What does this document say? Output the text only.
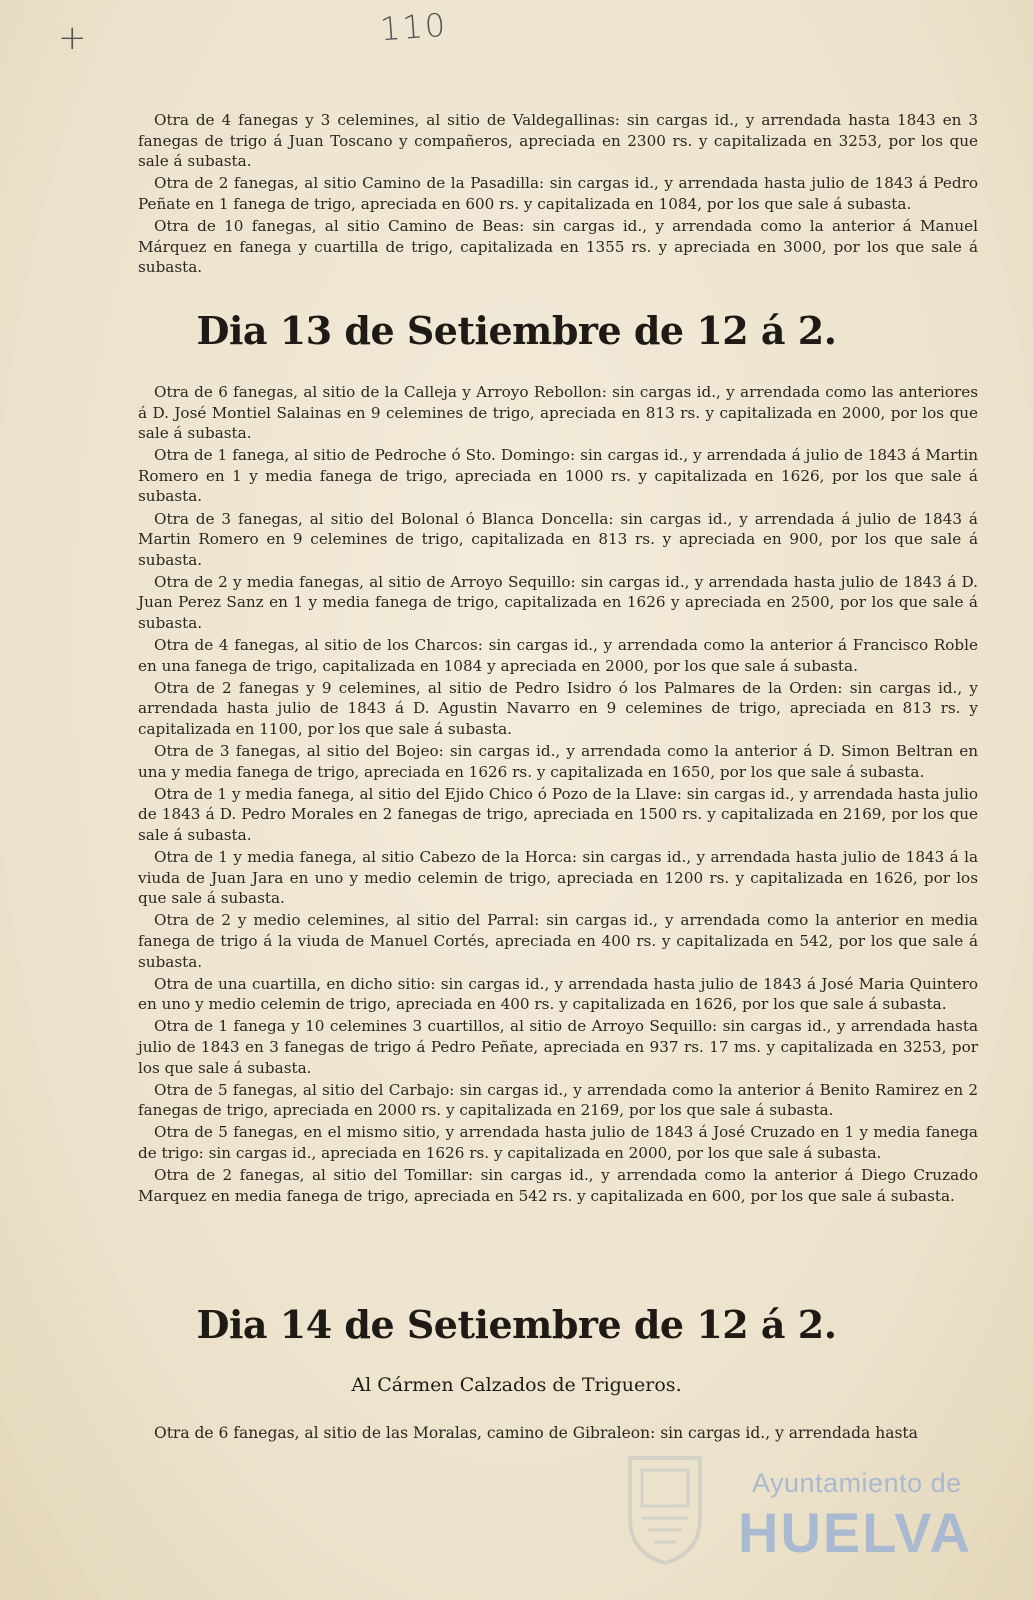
+	110

Otra de 4 fanegas y 3 celemines, al sitio de Valdegallinas: sin cargas id., y arrendada hasta 1843 en 3 fanegas de trigo á Juan Toscano y compañeros, apreciada en 2300 rs. y capitalizada en 3253, por los que sale á subasta.

Otra de 2 fanegas, al sitio Camino de la Pasadilla: sin cargas id., y arrendada hasta julio de 1843 á Pedro Peñate en 1 fanega de trigo, apreciada en 600 rs. y capitalizada en 1084, por los que sale á subasta.

Otra de 10 fanegas, al sitio Camino de Beas: sin cargas id., y arrendada como la anterior á Manuel Márquez en fanega y cuartilla de trigo, capitalizada en 1355 rs. y apreciada en 3000, por los que sale á subasta.

Dia 13 de Setiembre de 12 á 2.

Otra de 6 fanegas, al sitio de la Calleja y Arroyo Rebollon: sin cargas id., y arrendada como las anteriores á D. José Montiel Salainas en 9 celemines de trigo, apreciada en 813 rs. y capitalizada en 2000, por los que sale á subasta.

Otra de 1 fanega, al sitio de Pedroche ó Sto. Domingo: sin cargas id., y arrendada á julio de 1843 á Martin Romero en 1 y media fanega de trigo, apreciada en 1000 rs. y capitalizada en 1626, por los que sale á subasta.

Otra de 3 fanegas, al sitio del Bolonal ó Blanca Doncella: sin cargas id., y arrendada á julio de 1843 á Martin Romero en 9 celemines de trigo, capitalizada en 813 rs. y apreciada en 900, por los que sale á subasta.

Otra de 2 y media fanegas, al sitio de Arroyo Sequillo: sin cargas id., y arrendada hasta julio de 1843 á D. Juan Perez Sanz en 1 y media fanega de trigo, capitalizada en 1626 y apreciada en 2500, por los que sale á subasta.

Otra de 4 fanegas, al sitio de los Charcos: sin cargas id., y arrendada como la anterior á Francisco Roble en una fanega de trigo, capitalizada en 1084 y apreciada en 2000, por los que sale á subasta.

Otra de 2 fanegas y 9 celemines, al sitio de Pedro Isidro ó los Palmares de la Orden: sin cargas id., y arrendada hasta julio de 1843 á D. Agustin Navarro en 9 celemines de trigo, apreciada en 813 rs. y capitalizada en 1100, por los que sale á subasta.

Otra de 3 fanegas, al sitio del Bojeo: sin cargas id., y arrendada como la anterior á D. Simon Beltran en una y media fanega de trigo, apreciada en 1626 rs. y capitalizada en 1650, por los que sale á subasta.

Otra de 1 y media fanega, al sitio del Ejido Chico ó Pozo de la Llave: sin cargas id., y arrendada hasta julio de 1843 á D. Pedro Morales en 2 fanegas de trigo, apreciada en 1500 rs. y capitalizada en 2169, por los que sale á subasta.

Otra de 1 y media fanega, al sitio Cabezo de la Horca: sin cargas id., y arrendada hasta julio de 1843 á la viuda de Juan Jara en uno y medio celemin de trigo, apreciada en 1200 rs. y capitalizada en 1626, por los que sale á subasta.

Otra de 2 y medio celemines, al sitio del Parral: sin cargas id., y arrendada como la anterior en media fanega de trigo á la viuda de Manuel Cortés, apreciada en 400 rs. y capitalizada en 542, por los que sale á subasta.

Otra de una cuartilla, en dicho sitio: sin cargas id., y arrendada hasta julio de 1843 á José Maria Quintero en uno y medio celemin de trigo, apreciada en 400 rs. y capitalizada en 1626, por los que sale á subasta.

Otra de 1 fanega y 10 celemines 3 cuartillos, al sitio de Arroyo Sequillo: sin cargas id., y arrendada hasta julio de 1843 en 3 fanegas de trigo á Pedro Peñate, apreciada en 937 rs. 17 ms. y capitalizada en 3253, por los que sale á subasta.

Otra de 5 fanegas, al sitio del Carbajo: sin cargas id., y arrendada como la anterior á Benito Ramirez en 2 fanegas de trigo, apreciada en 2000 rs. y capitalizada en 2169, por los que sale á subasta.

Otra de 5 fanegas, en el mismo sitio, y arrendada hasta julio de 1843 á José Cruzado en 1 y media fanega de trigo: sin cargas id., apreciada en 1626 rs. y capitalizada en 2000, por los que sale á subasta.

Otra de 2 fanegas, al sitio del Tomillar: sin cargas id., y arrendada como la anterior á Diego Cruzado Marquez en media fanega de trigo, apreciada en 542 rs. y capitalizada en 600, por los que sale á subasta.

Dia 14 de Setiembre de 12 á 2.
Al Cármen Calzados de Trigueros.

Otra de 6 fanegas, al sitio de las Moralas, camino de Gibraleon: sin cargas id., y arrendada hasta

Ayuntamiento de
HUELVA
